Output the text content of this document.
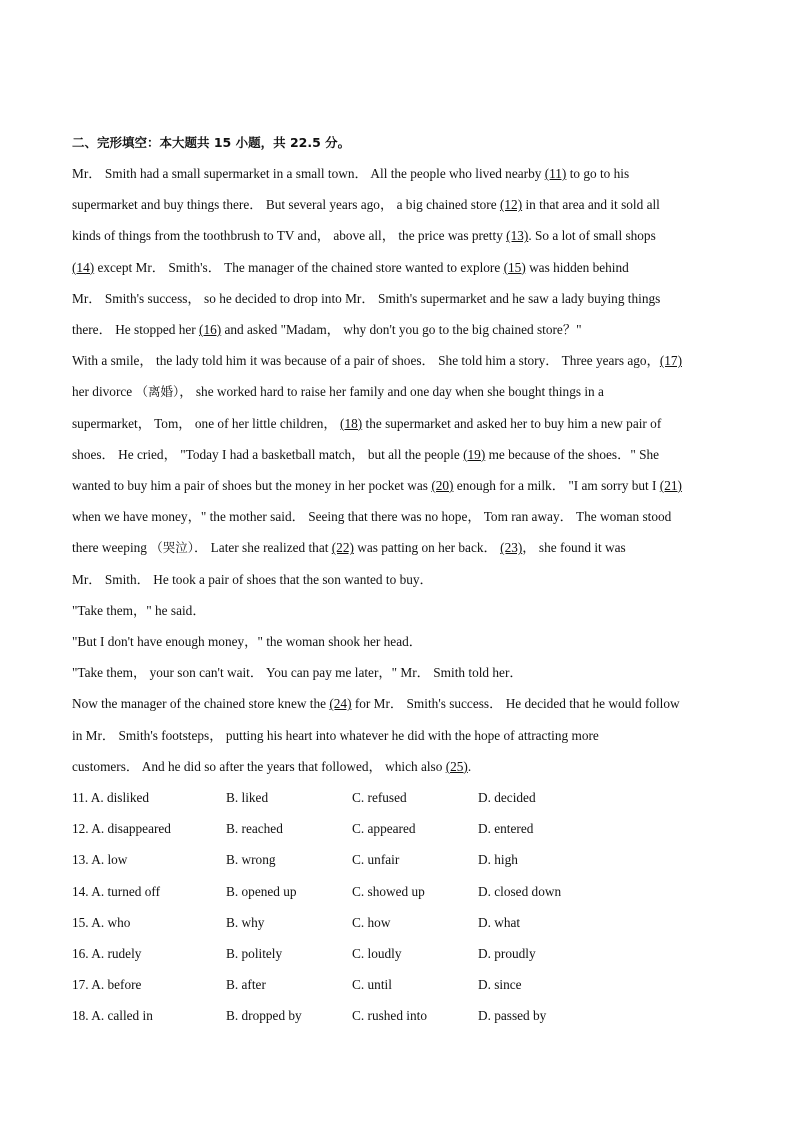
二、完形填空：本大题共 15 小题，共 22.5 分。
Mr． Smith had a small supermarket in a small town． All the people who lived nearby (11) to go to his
supermarket and buy things there． But several years ago， a big chained store (12) in that area and it sold all
kinds of things from the toothbrush to TV and， above all， the price was pretty (13). So a lot of small shops
(14) except Mr． Smith's． The manager of the chained store wanted to explore (15) was hidden behind
Mr． Smith's success， so he decided to drop into Mr． Smith's supermarket and he saw a lady buying things
there． He stopped her (16) and asked "Madam， why don't you go to the big chained store？"
With a smile， the lady told him it was because of a pair of shoes． She told him a story． Three years ago，(17)
her divorce （离婚）， she worked hard to raise her family and one day when she bought things in a
supermarket， Tom， one of her little children， (18) the supermarket and asked her to buy him a new pair of
shoes． He cried， "Today I had a basketball match， but all the people (19) me because of the shoes．" She
wanted to buy him a pair of shoes but the money in her pocket was (20) enough for a milk． "I am sorry but I (21)
when we have money，" the mother said． Seeing that there was no hope， Tom ran away． The woman stood
there weeping （哭泣）． Later she realized that (22) was patting on her back． (23)， she found it was
Mr． Smith． He took a pair of shoes that the son wanted to buy．
"Take them，" he said．
"But I don't have enough money，" the woman shook her head．
"Take them， your son can't wait． You can pay me later，" Mr． Smith told her．
Now the manager of the chained store knew the (24) for Mr． Smith's success． He decided that he would follow
in Mr． Smith's footsteps， putting his heart into whatever he did with the hope of attracting more
customers． And he did so after the years that followed， which also (25).
11. A. disliked	B. liked	C. refused	D. decided
12. A. disappeared	B. reached	C. appeared	D. entered
13. A. low	B. wrong	C. unfair	D. high
14. A. turned off	B. opened up	C. showed up	D. closed down
15. A. who	B. why	C. how	D. what
16. A. rudely	B. politely	C. loudly	D. proudly
17. A. before	B. after	C. until	D. since
18. A. called in	B. dropped by	C. rushed into	D. passed by
